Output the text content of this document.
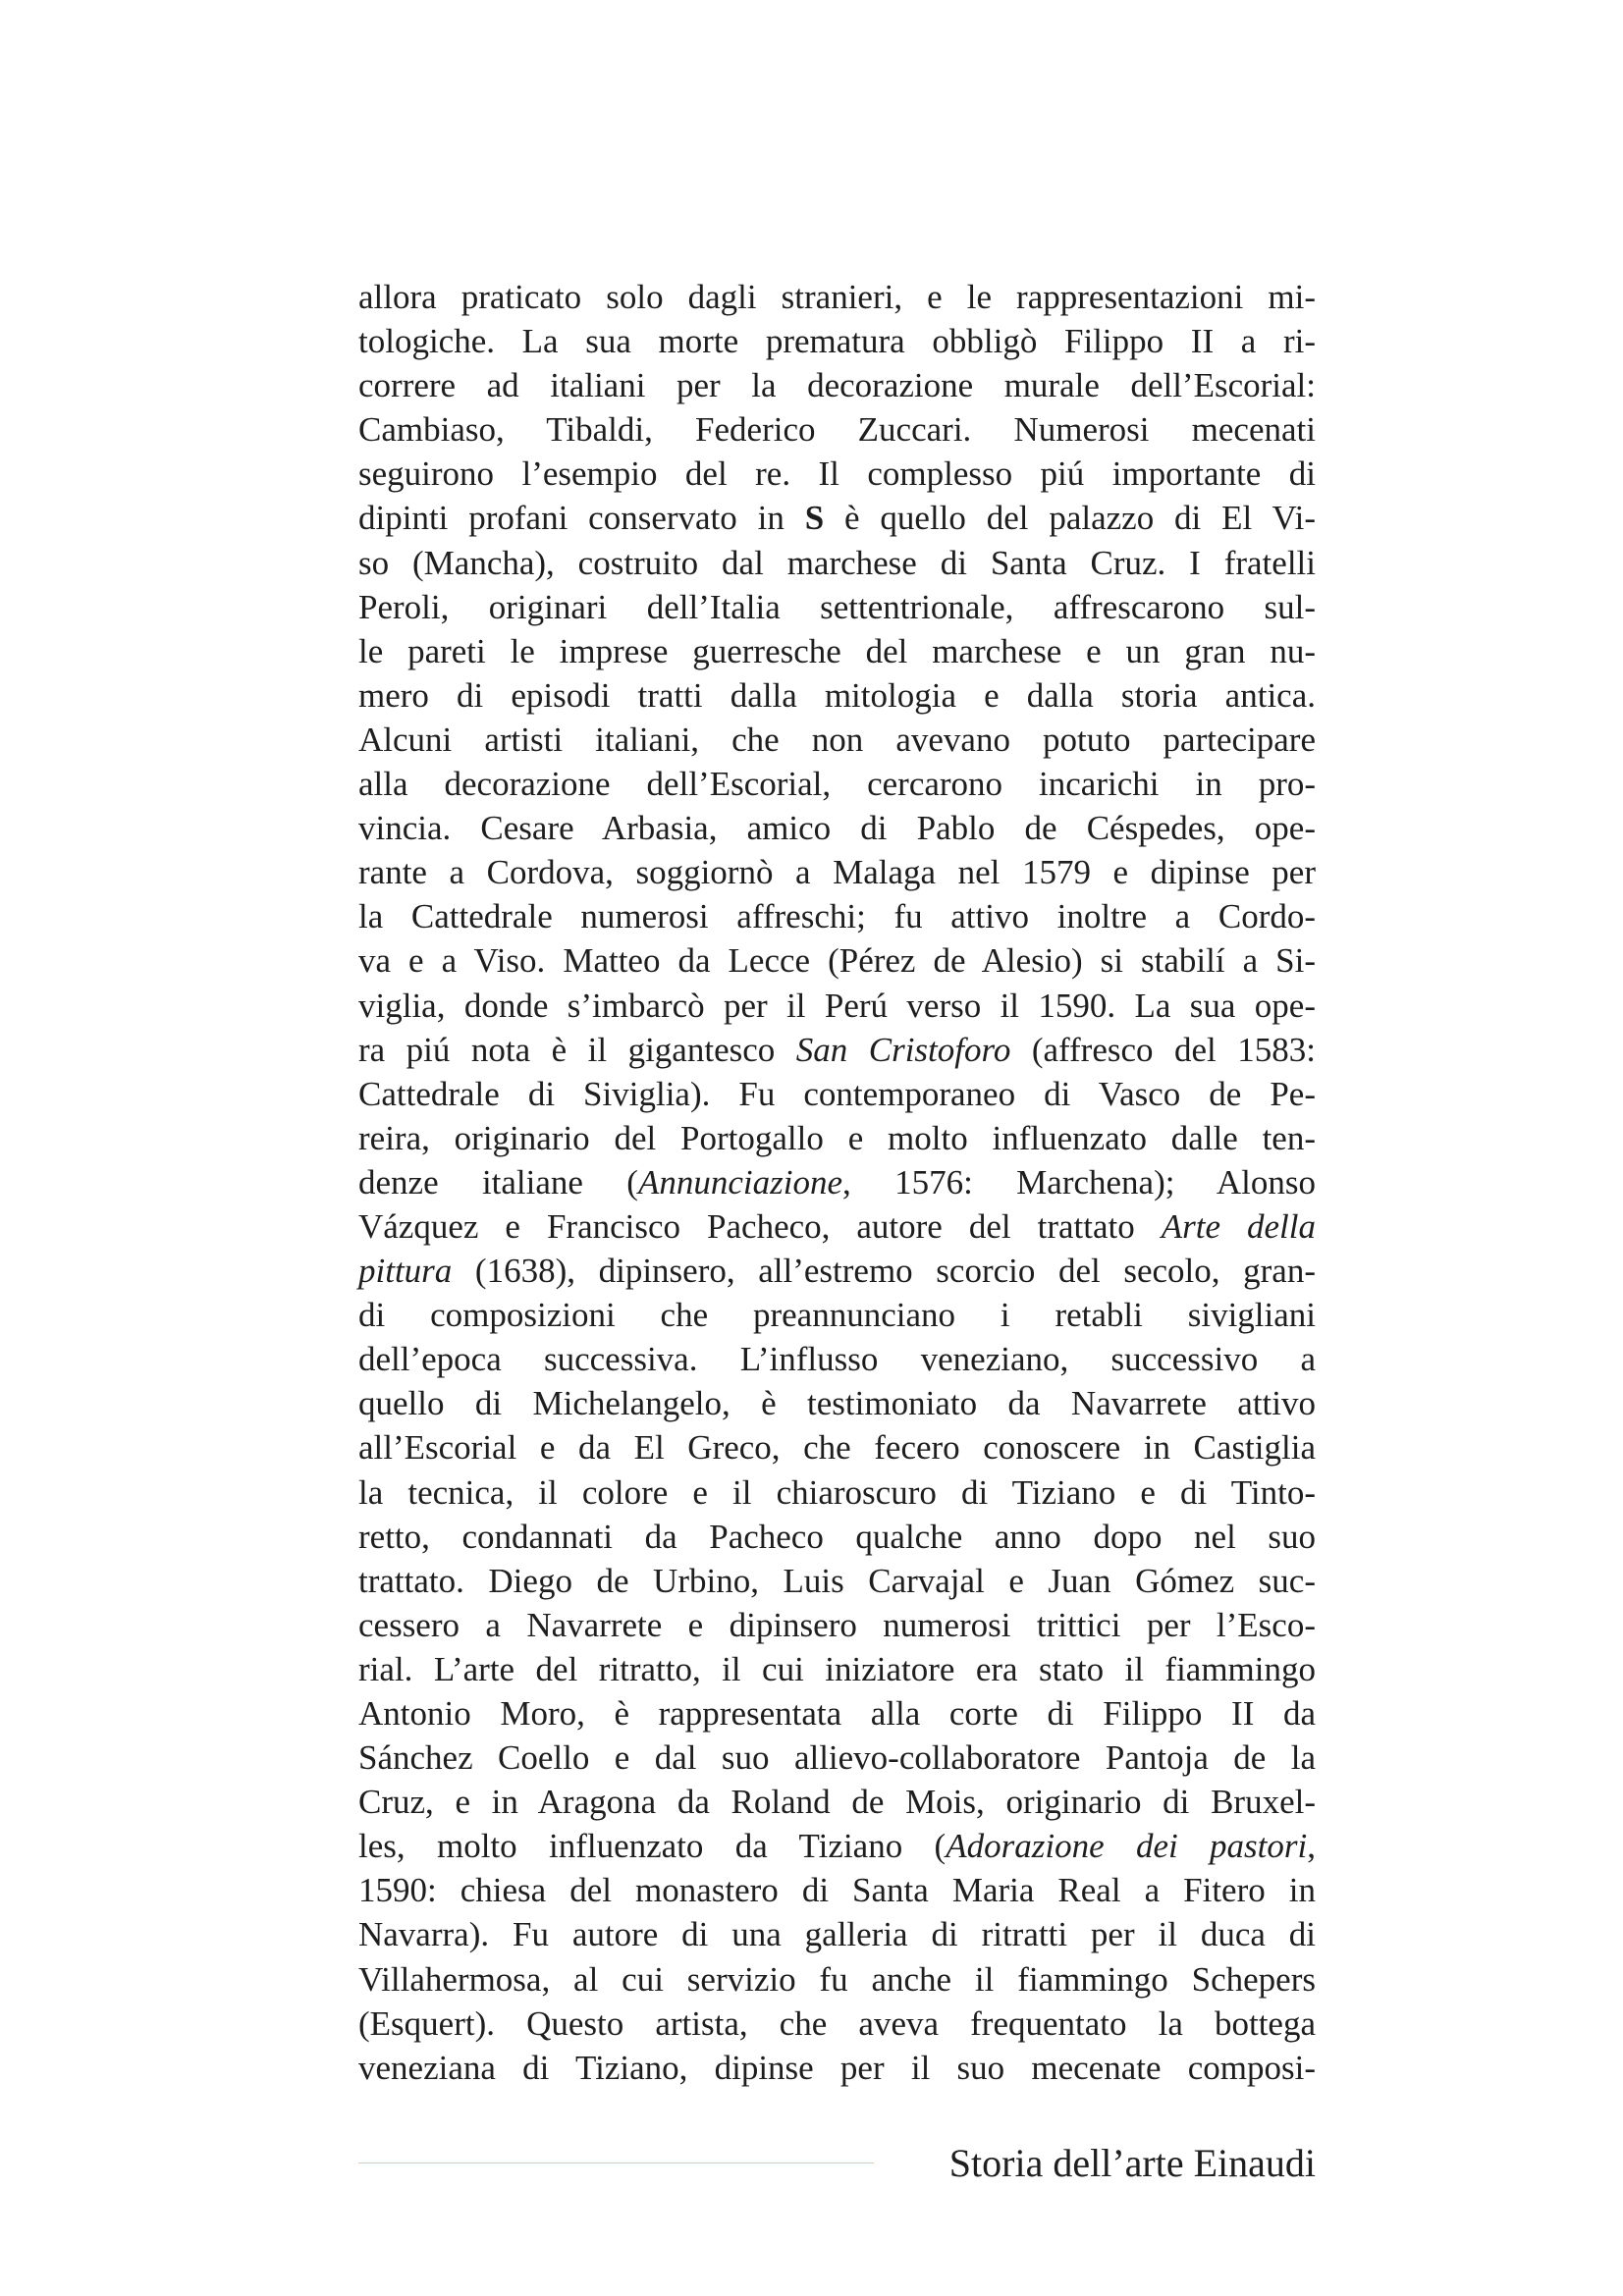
allora praticato solo dagli stranieri, e le rappresentazioni mi-
tologiche. La sua morte prematura obbligò Filippo II a ri-
correre ad italiani per la decorazione murale dell’Escorial:
Cambiaso, Tibaldi, Federico Zuccari. Numerosi mecenati
seguirono l’esempio del re. Il complesso piú importante di
dipinti profani conservato in S è quello del palazzo di El Vi-
so (Mancha), costruito dal marchese di Santa Cruz. I fratelli
Peroli, originari dell’Italia settentrionale, affrescarono sul-
le pareti le imprese guerresche del marchese e un gran nu-
mero di episodi tratti dalla mitologia e dalla storia antica.
Alcuni artisti italiani, che non avevano potuto partecipare
alla decorazione dell’Escorial, cercarono incarichi in pro-
vincia. Cesare Arbasia, amico di Pablo de Céspedes, ope-
rante a Cordova, soggiornò a Malaga nel 1579 e dipinse per
la Cattedrale numerosi affreschi; fu attivo inoltre a Cordo-
va e a Viso. Matteo da Lecce (Pérez de Alesio) si stabilí a Si-
viglia, donde s’imbarcò per il Perú verso il 1590. La sua ope-
ra piú nota è il gigantesco San Cristoforo (affresco del 1583:
Cattedrale di Siviglia). Fu contemporaneo di Vasco de Pe-
reira, originario del Portogallo e molto influenzato dalle ten-
denze italiane (Annunciazione, 1576: Marchena); Alonso
Vázquez e Francisco Pacheco, autore del trattato Arte della
pittura (1638), dipinsero, all’estremo scorcio del secolo, gran-
di composizioni che preannunciano i retabli sivigliani
dell’epoca successiva. L’influsso veneziano, successivo a
quello di Michelangelo, è testimoniato da Navarrete attivo
all’Escorial e da El Greco, che fecero conoscere in Castiglia
la tecnica, il colore e il chiaroscuro di Tiziano e di Tinto-
retto, condannati da Pacheco qualche anno dopo nel suo
trattato. Diego de Urbino, Luis Carvajal e Juan Gómez suc-
cessero a Navarrete e dipinsero numerosi trittici per l’Esco-
rial. L’arte del ritratto, il cui iniziatore era stato il fiammingo
Antonio Moro, è rappresentata alla corte di Filippo II da
Sánchez Coello e dal suo allievo-collaboratore Pantoja de la
Cruz, e in Aragona da Roland de Mois, originario di Bruxel-
les, molto influenzato da Tiziano (Adorazione dei pastori,
1590: chiesa del monastero di Santa Maria Real a Fitero in
Navarra). Fu autore di una galleria di ritratti per il duca di
Villahermosa, al cui servizio fu anche il fiammingo Schepers
(Esquert). Questo artista, che aveva frequentato la bottega
veneziana di Tiziano, dipinse per il suo mecenate composi-
Storia dell’arte Einaudi
